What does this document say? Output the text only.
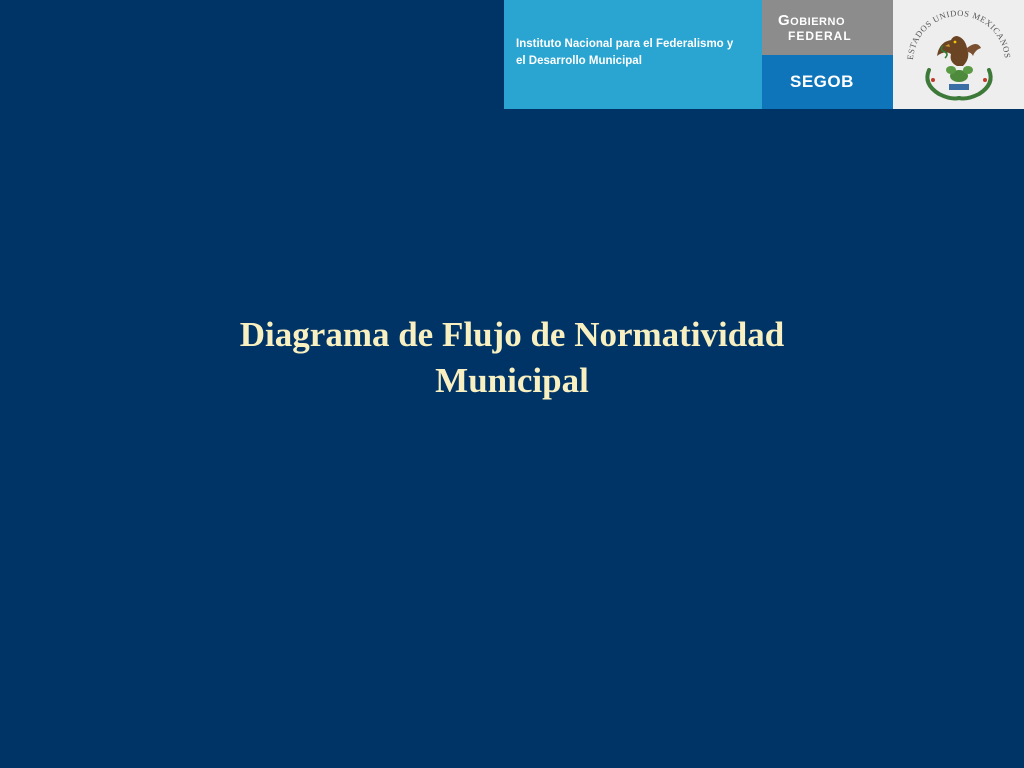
Instituto Nacional para el Federalismo y
el Desarrollo Municipal
Gobierno
FEDERAL
SEGOB
ESTADOS UNIDOS MEXICANOS
Diagrama de Flujo de Normatividad
Municipal
